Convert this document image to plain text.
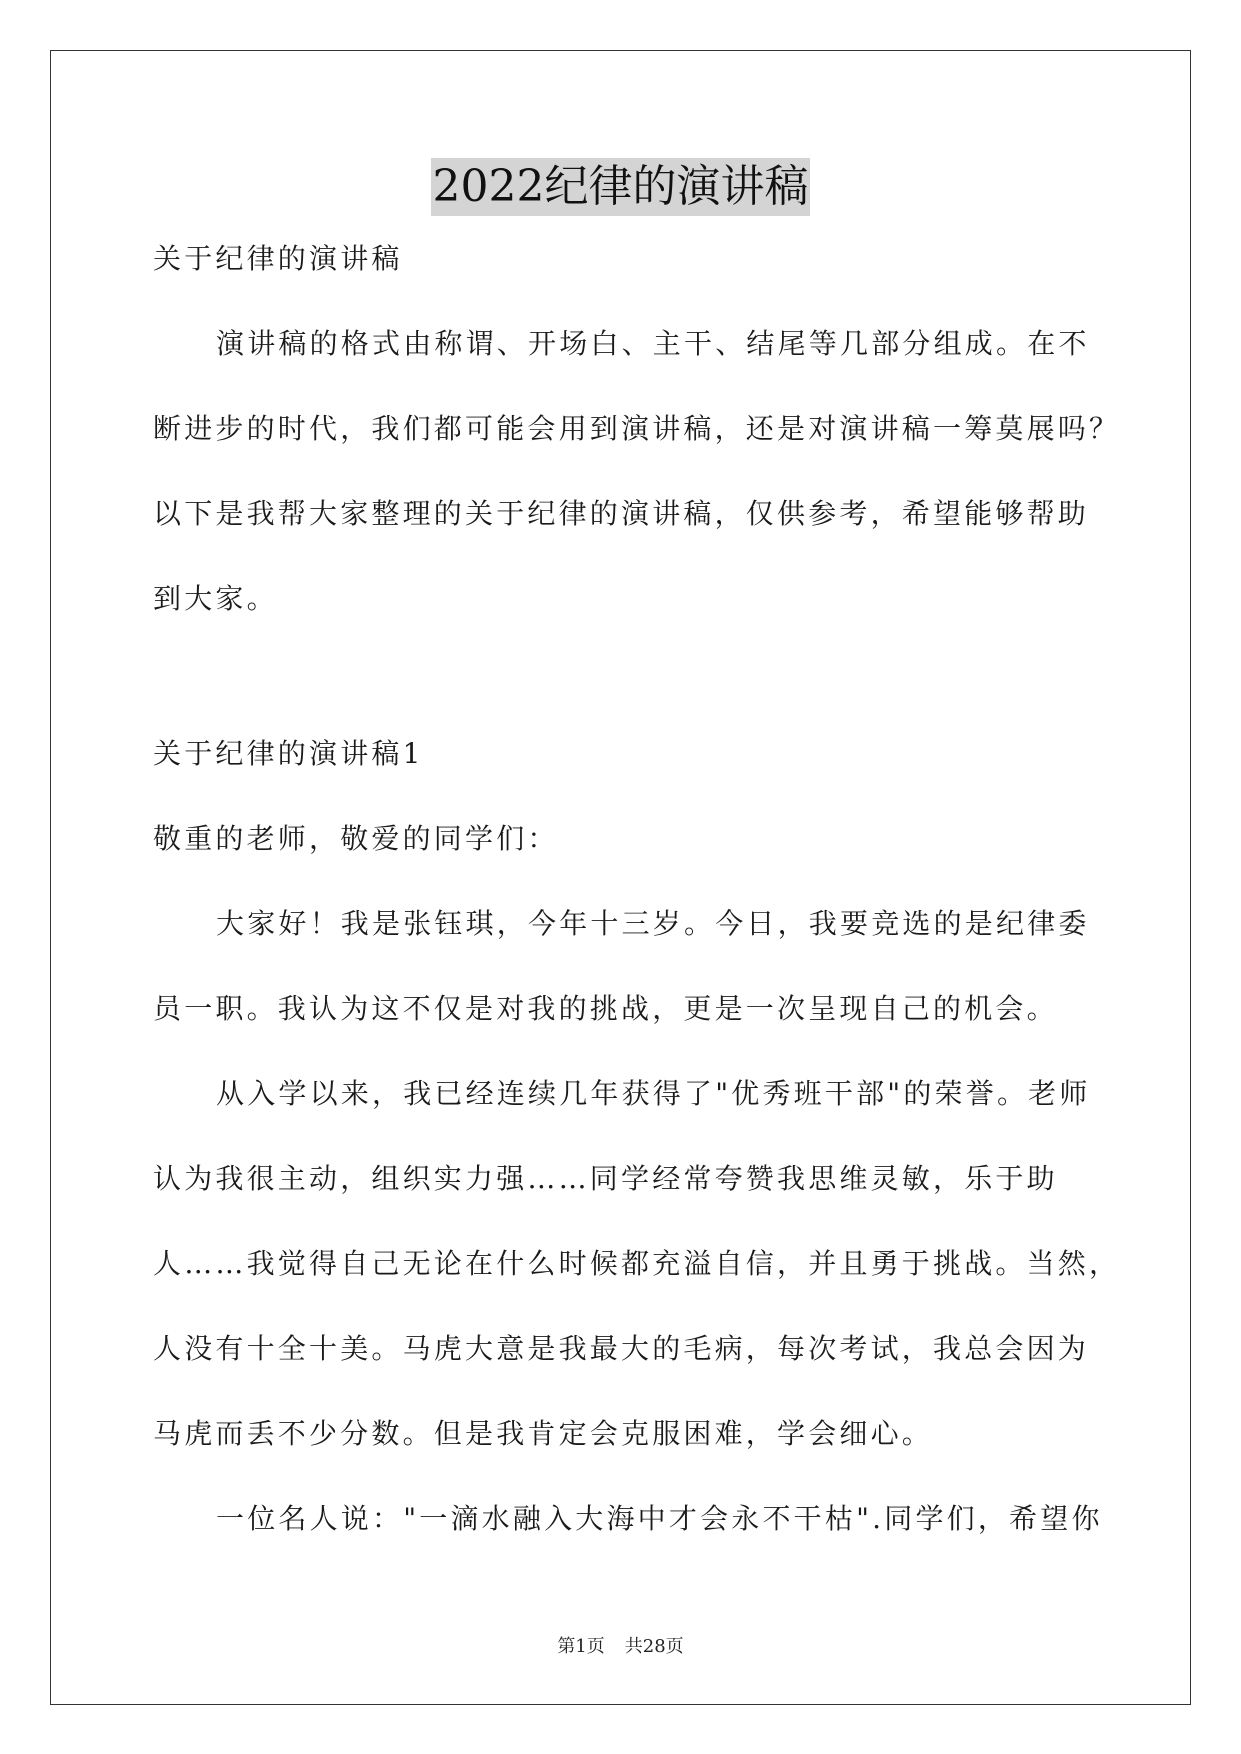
2022纪律的演讲稿
关于纪律的演讲稿
演讲稿的格式由称谓、开场白、主干、结尾等几部分组成。在不
断进步的时代，我们都可能会用到演讲稿，还是对演讲稿一筹莫展吗？
以下是我帮大家整理的关于纪律的演讲稿，仅供参考，希望能够帮助
到大家。
关于纪律的演讲稿1
敬重的老师，敬爱的同学们：
大家好！我是张钰琪，今年十三岁。今日，我要竞选的是纪律委
员一职。我认为这不仅是对我的挑战，更是一次呈现自己的机会。
从入学以来，我已经连续几年获得了"优秀班干部"的荣誉。老师
认为我很主动，组织实力强……同学经常夸赞我思维灵敏，乐于助
人……我觉得自己无论在什么时候都充溢自信，并且勇于挑战。当然，
人没有十全十美。马虎大意是我最大的毛病，每次考试，我总会因为
马虎而丢不少分数。但是我肯定会克服困难，学会细心。
一位名人说："一滴水融入大海中才会永不干枯".同学们，希望你
第1页 共28页
